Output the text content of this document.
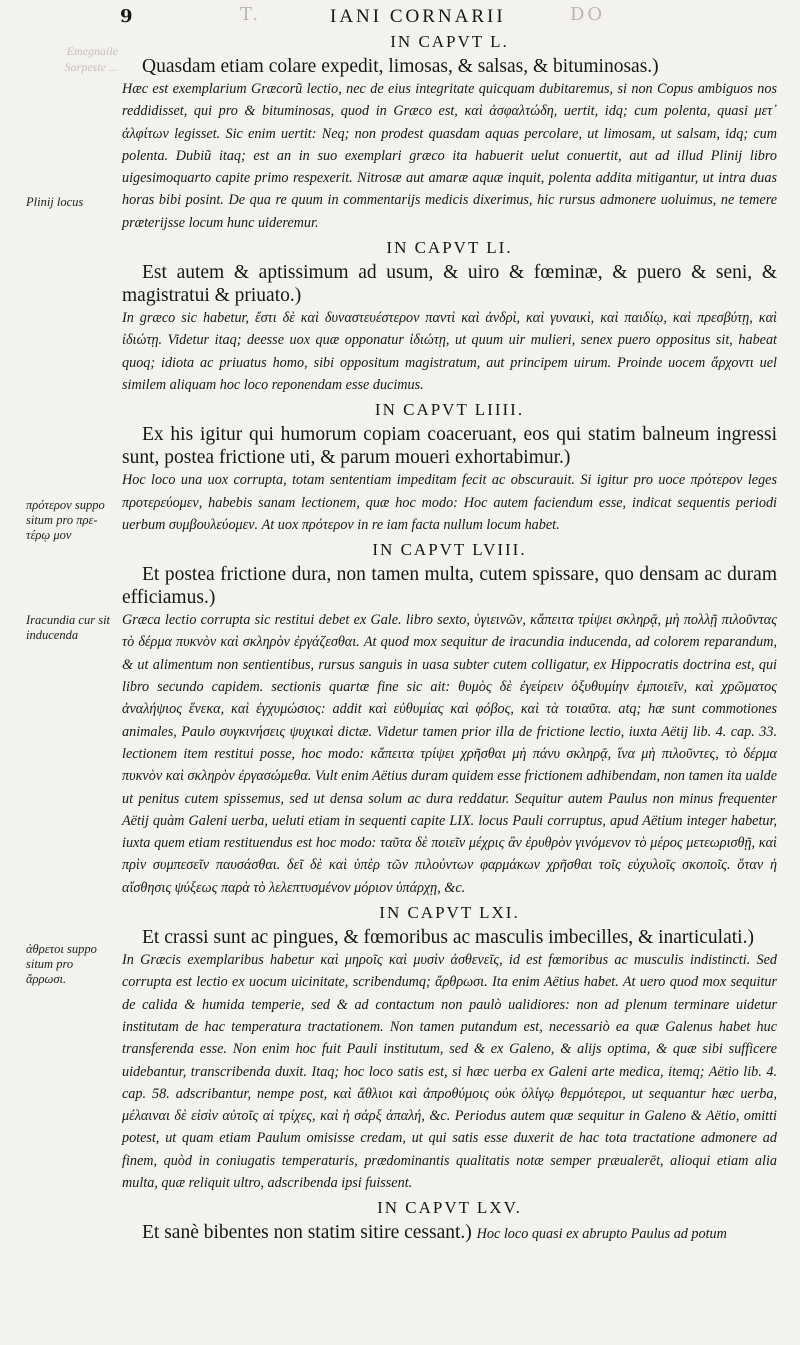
9	T.	IANI CORNARII	DO
Emegnaile
Sarpeste ...
Plinij locus
πρότερον suppo situm pro πρε- τέρῳ μον
Iracundia cur sit inducenda
ἀθρετοι suppo situm pro ἄρρωσι.
IN CAPVT L.

Quasdam etiam colare expedit, limosas, & salsas, & bituminosas.)

Hæc est exemplarium Græcorũ lectio, nec de eius integritate quicquam dubitaremus, si non Copus ambiguos nos reddidisset, qui pro & bituminosas, quod in Græco est, καὶ ἀσφαλτώδη, uertit, idq; cum polenta, quasi μετ᾽ ἀλφίτων legisset. Sic enim uertit: Neq; non prodest quasdam aquas percolare, ut limosam, ut salsam, idq; cum polenta. Dubiũ itaq; est an in suo exemplari græco ita habuerit uelut conuertit, aut ad illud Plinij libro uigesimoquarto capite primo respexerit. Nitrosæ aut amaræ aquæ inquit, polenta addita mitigantur, ut intra duas horas bibi posint. De qua re quum in commentarijs medicis dixerimus, hic rursus admonere uoluimus, ne temere præterijsse locum hunc uideremur.

IN CAPVT LI.

Est autem & aptissimum ad usum, & uiro & fœminæ, & puero & seni, & magistratui & priuato.)

In græco sic habetur, ἔστι δὲ καὶ δυναστευέστερον παντὶ καὶ ἀνδρὶ, καὶ γυναικὶ, καὶ παιδίῳ, καὶ πρεσβύτῃ, καὶ ἰδιώτῃ. Videtur itaq; deesse uox quæ opponatur ἰδιώτῃ, ut quum uir mulieri, senex puero oppositus sit, habeat quoq; idiota ac priuatus homo, sibi oppositum magistratum, aut principem uirum. Proinde uocem ἄρχοντι uel similem aliquam hoc loco reponendam esse ducimus.

IN CAPVT LIIII.

Ex his igitur qui humorum copiam coaceruant, eos qui statim balneum ingressi sunt, postea frictione uti, & parum moueri exhortabimur.)

Hoc loco una uox corrupta, totam sententiam impeditam fecit ac obscurauit. Si igitur pro uoce πρότερον leges πρoτερεύομεν, habebis sanam lectionem, quæ hoc modo: Hoc autem faciendum esse, indicat sequentis periodi uerbum συμβουλεύομεν. At uox πρότερον in re iam facta nullum locum habet.

IN CAPVT LVIII.

Et postea frictione dura, non tamen multa, cutem spissare, quo densam ac duram efficiamus.)

Græca lectio corrupta sic restitui debet ex Gale. libro sexto, ὑγιεινῶν, κἄπειτα τρίψει σκληρᾷ, μὴ πολλῇ πιλοῦντας τὸ δέρμα πυκνὸν καὶ σκληρὸν ἐργάζεσθαι. At quod mox sequitur de iracundia inducenda, ad colorem reparandum, & ut alimentum non sentientibus, rursus sanguis in uasa subter cutem colligatur, ex Hippocratis doctrina est, qui libro secundo capidem. sectionis quartæ fine sic ait: θυμὸς δὲ ἐγείρειν ὀξυθυμίην ἐμποιεῖν, καὶ χρῶματος ἀναλήψιος ἕνεκα, καὶ ἐγχυμώσιος: addit καὶ εὐθυμίας καὶ φόβος, καὶ τὰ τοιαῦτα. atq; hæ sunt commotiones animales, Paulo συγκινήσεις ψυχικαὶ dictæ. Videtur tamen prior illa de frictione lectio, iuxta Aëtij lib. 4. cap. 33. lectionem item restitui posse, hoc modo: κἄπειτα τρίψει χρῆσθαι μὴ πάνυ σκληρᾷ, ἵνα μὴ πιλοῦντες, τὸ δέρμα πυκνὸν καὶ σκληρὸν ἐργασώμεθα. Vult enim Aëtius duram quidem esse frictionem adhibendam, non tamen ita ualde ut penitus cutem spissemus, sed ut densa solum ac dura reddatur. Sequitur autem Paulus non minus frequenter Aëtij quàm Galeni uerba, ueluti etiam in sequenti capite LIX. locus Pauli corruptus, apud Aëtium integer habetur, iuxta quem etiam restituendus est hoc modo: ταῦτα δὲ ποιεῖν μέχρις ἂν ἐρυθρὸν γινόμενον τὸ μέρος μετεωρισθῇ, καὶ πρὶν συμπεσεῖν παυσάσθαι. δεῖ δὲ καὶ ὑπὲρ τῶν πιλούντων φαρμάκων χρῆσθαι τοῖς εὐχυλοῖς σκοποῖς. ὅταν ἡ αἴσθησις ψύξεως παρὰ τὸ λελεπτυσμένον μόριον ὑπάρχῃ, &c.

IN CAPVT LXI.

Et crassi sunt ac pingues, & fœmoribus ac masculis imbecilles, & inarticulati.)

In Græcis exemplaribus habetur καὶ μηροῖς καὶ μυσὶν ἀσθενεῖς, id est fœmoribus ac musculis indistincti. Sed corrupta est lectio ex uocum uicinitate, scribendumq; ἄρθρωσι. Ita enim Aëtius habet. At uero quod mox sequitur de calida & humida temperie, sed & ad contactum non paulò ualidiores: non ad plenum terminare uidetur institutam de hac temperatura tractationem. Non tamen putandum est, necessariò ea quæ Galenus habet huc transferenda esse. Non enim hoc fuit Pauli institutum, sed & ex Galeno, & alijs optima, & quæ sibi sufficere uidebantur, transcribenda duxit. Itaq; hoc loco satis est, si hæc uerba ex Galeni arte medica, itemq; Aëtio lib. 4. cap. 58. adscribantur, nempe post, καὶ ἄθλιοι καὶ ἀπροθύμοις οὐκ ὀλίγῳ θερμότεροι, ut sequantur hæc uerba, μέλαιναι δὲ εἰσὶν αὐτοῖς αἱ τρίχες, καὶ ἡ σάρξ ἁπαλή, &c. Periodus autem quæ sequitur in Galeno & Aëtio, omitti potest, ut quam etiam Paulum omisisse credam, ut qui satis esse duxerit de hac tota tractatione admonere ad finem, quòd in coniugatis temperaturis, prædominantis qualitatis notæ semper præualerēt, alioqui etiam alia multa, quæ reliquit ultro, adscribenda ipsi fuissent.

IN CAPVT LXV.

Et sanè bibentes non statim sitire cessant.) Hoc loco quasi ex abrupto Paulus ad potum
